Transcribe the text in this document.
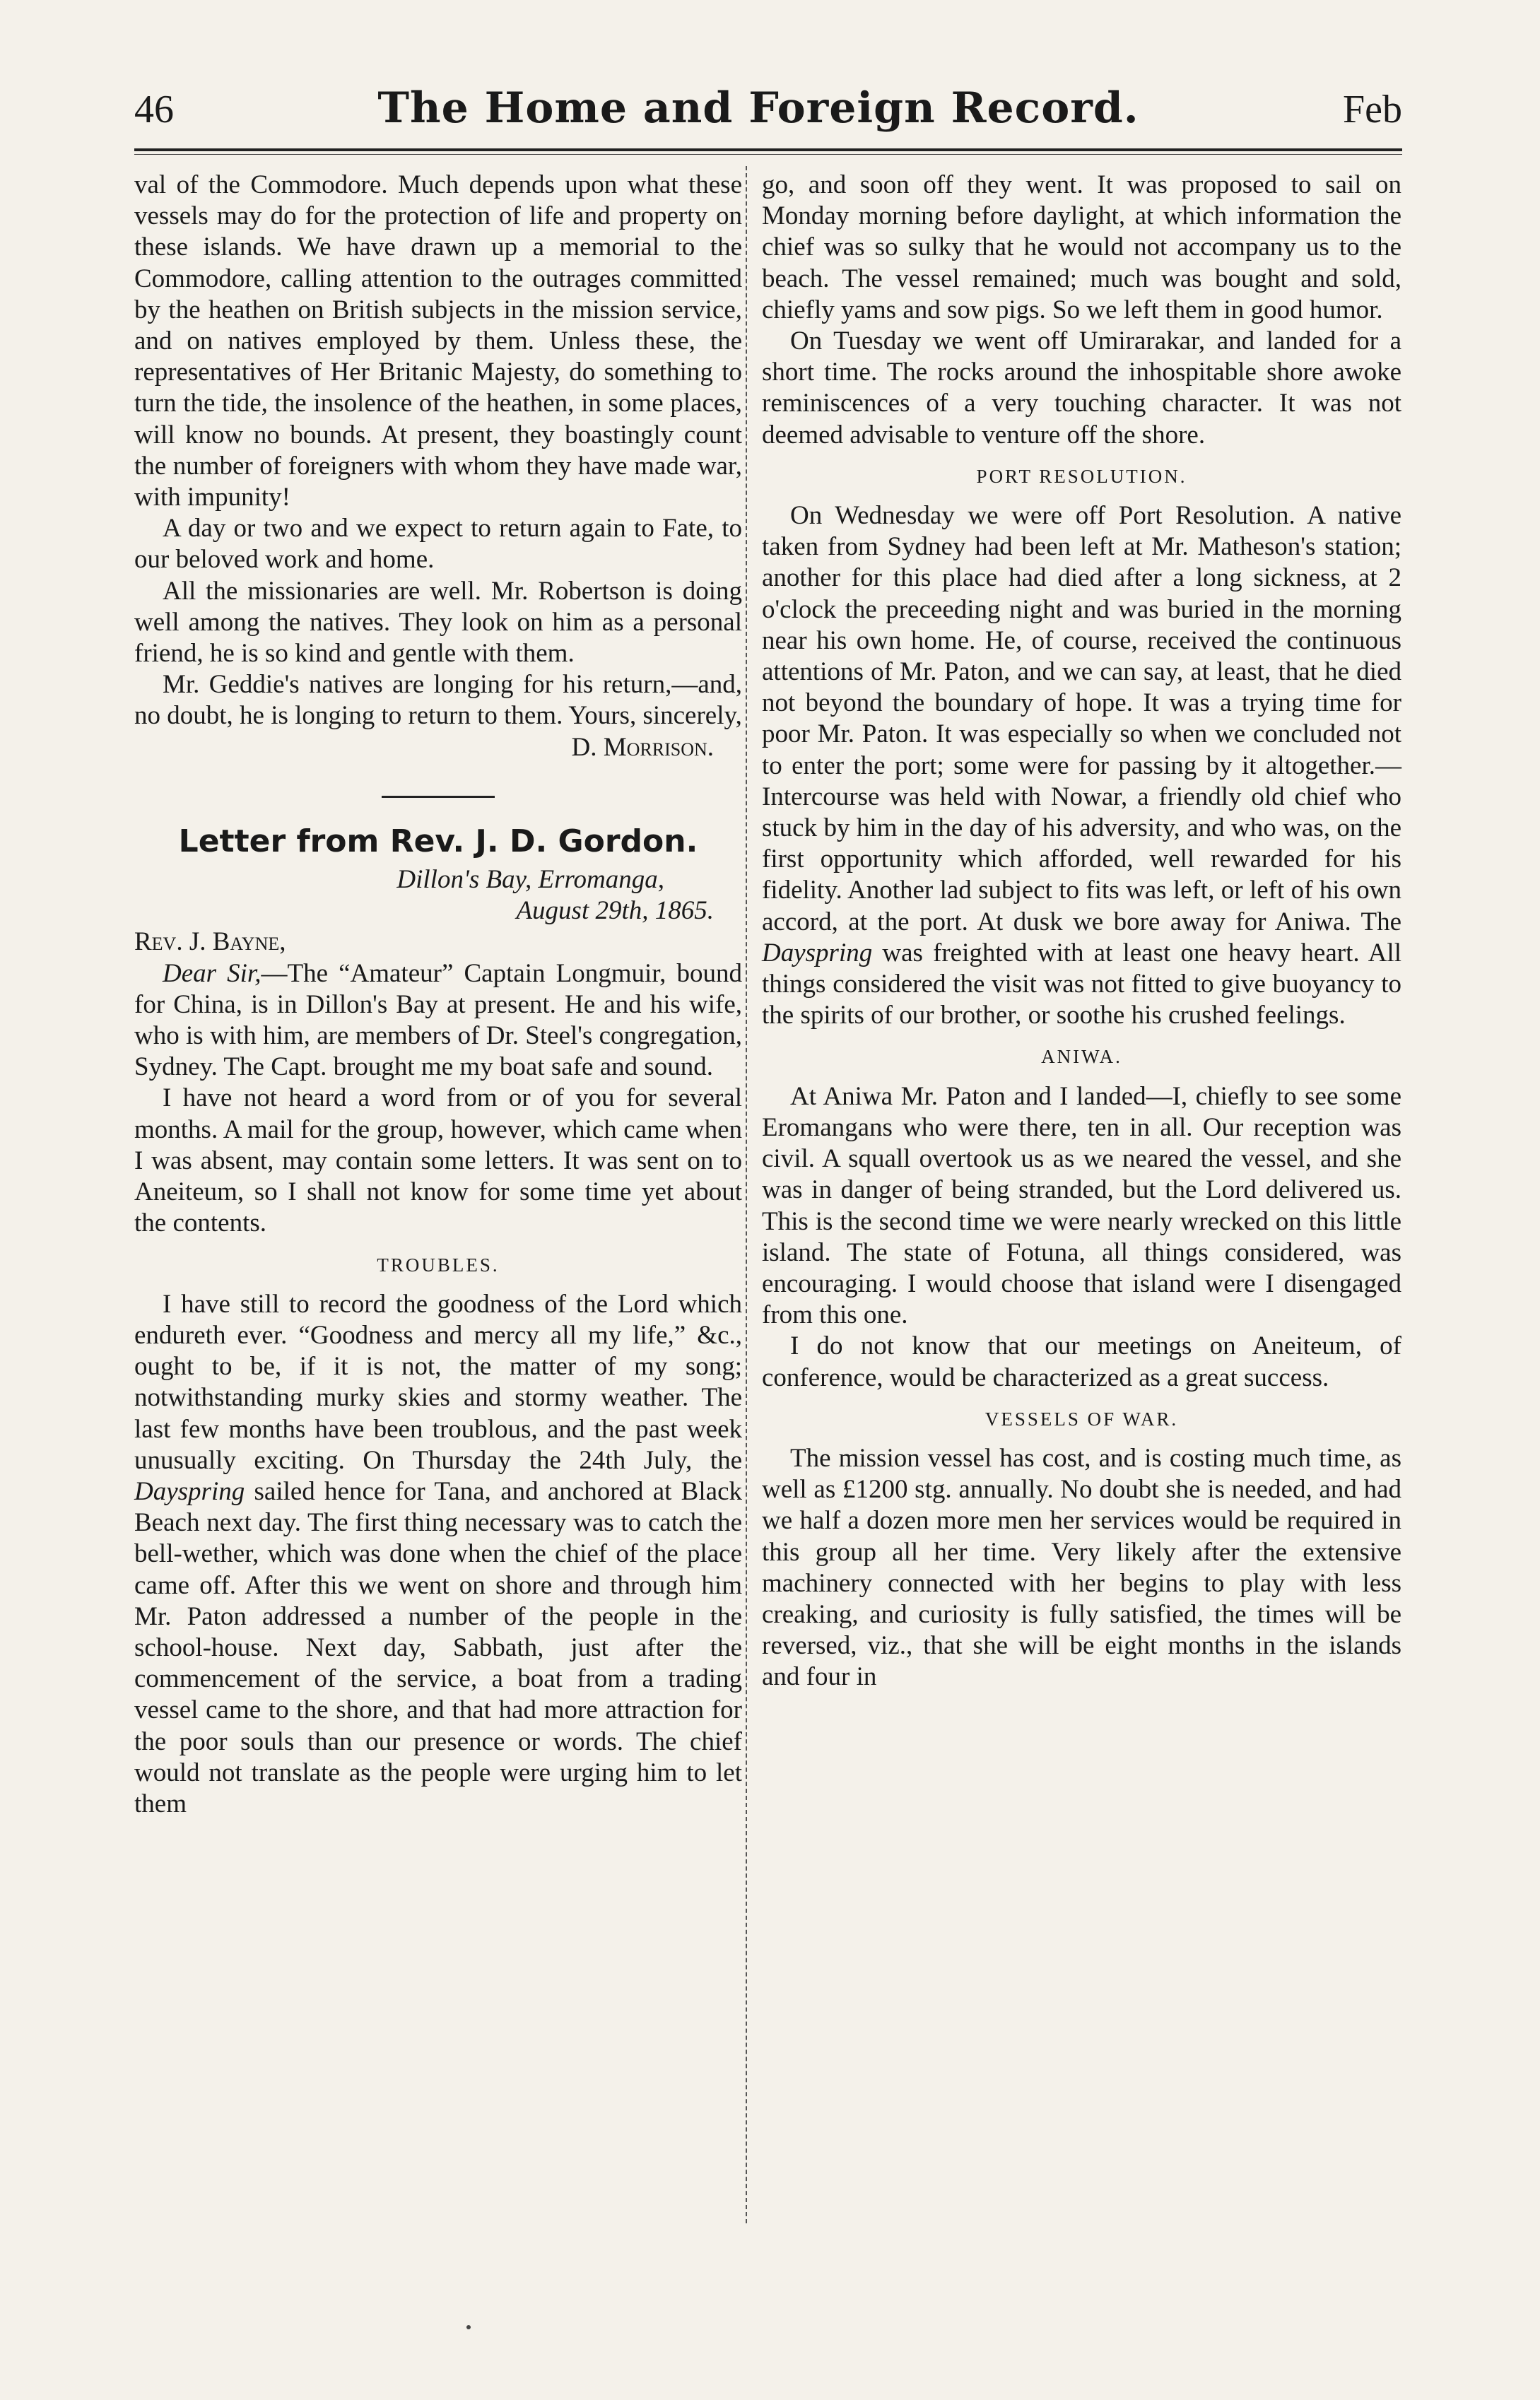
46	The Home and Foreign Record.	Feb

val of the Commodore. Much depends upon what these vessels may do for the protection of life and property on these islands. We have drawn up a memorial to the Commodore, calling attention to the outrages committed by the heathen on British subjects in the mission service, and on natives employed by them. Unless these, the representatives of Her Britanic Majesty, do something to turn the tide, the insolence of the heathen, in some places, will know no bounds. At present, they boastingly count the number of foreigners with whom they have made war, with impunity!

A day or two and we expect to return again to Fate, to our beloved work and home.

All the missionaries are well. Mr. Robertson is doing well among the natives. They look on him as a personal friend, he is so kind and gentle with them.

Mr. Geddie's natives are longing for his return,—and, no doubt, he is longing to return to them. Yours, sincerely,

D. Morrison.

Letter from Rev. J. D. Gordon.

Dillon's Bay, Erromanga,

August 29th, 1865.

Rev. J. Bayne,

Dear Sir,—The “Amateur” Captain Longmuir, bound for China, is in Dillon's Bay at present. He and his wife, who is with him, are members of Dr. Steel's congregation, Sydney. The Capt. brought me my boat safe and sound.

I have not heard a word from or of you for several months. A mail for the group, however, which came when I was absent, may contain some letters. It was sent on to Aneiteum, so I shall not know for some time yet about the contents.

TROUBLES.

I have still to record the goodness of the Lord which endureth ever. “Goodness and mercy all my life,” &c., ought to be, if it is not, the matter of my song; notwithstanding murky skies and stormy weather. The last few months have been troublous, and the past week unusually exciting. On Thursday the 24th July, the Dayspring sailed hence for Tana, and anchored at Black Beach next day. The first thing necessary was to catch the bell-wether, which was done when the chief of the place came off. After this we went on shore and through him Mr. Paton addressed a number of the people in the school-house. Next day, Sabbath, just after the commencement of the service, a boat from a trading vessel came to the shore, and that had more attraction for the poor souls than our presence or words. The chief would not translate as the people were urging him to let them

go, and soon off they went. It was proposed to sail on Monday morning before daylight, at which information the chief was so sulky that he would not accompany us to the beach. The vessel remained; much was bought and sold, chiefly yams and sow pigs. So we left them in good humor.

On Tuesday we went off Umirarakar, and landed for a short time. The rocks around the inhospitable shore awoke reminiscences of a very touching character. It was not deemed advisable to venture off the shore.

PORT RESOLUTION.

On Wednesday we were off Port Resolution. A native taken from Sydney had been left at Mr. Matheson's station; another for this place had died after a long sickness, at 2 o'clock the preceeding night and was buried in the morning near his own home. He, of course, received the continuous attentions of Mr. Paton, and we can say, at least, that he died not beyond the boundary of hope. It was a trying time for poor Mr. Paton. It was especially so when we concluded not to enter the port; some were for passing by it altogether.—Intercourse was held with Nowar, a friendly old chief who stuck by him in the day of his adversity, and who was, on the first opportunity which afforded, well rewarded for his fidelity. Another lad subject to fits was left, or left of his own accord, at the port. At dusk we bore away for Aniwa. The Dayspring was freighted with at least one heavy heart. All things considered the visit was not fitted to give buoyancy to the spirits of our brother, or soothe his crushed feelings.

ANIWA.

At Aniwa Mr. Paton and I landed—I, chiefly to see some Eromangans who were there, ten in all. Our reception was civil. A squall overtook us as we neared the vessel, and she was in danger of being stranded, but the Lord delivered us. This is the second time we were nearly wrecked on this little island. The state of Fotuna, all things considered, was encouraging. I would choose that island were I disengaged from this one.

I do not know that our meetings on Aneiteum, of conference, would be characterized as a great success.

VESSELS OF WAR.

The mission vessel has cost, and is costing much time, as well as £1200 stg. annually. No doubt she is needed, and had we half a dozen more men her services would be required in this group all her time. Very likely after the extensive machinery connected with her begins to play with less creaking, and curiosity is fully satisfied, the times will be reversed, viz., that she will be eight months in the islands and four in
